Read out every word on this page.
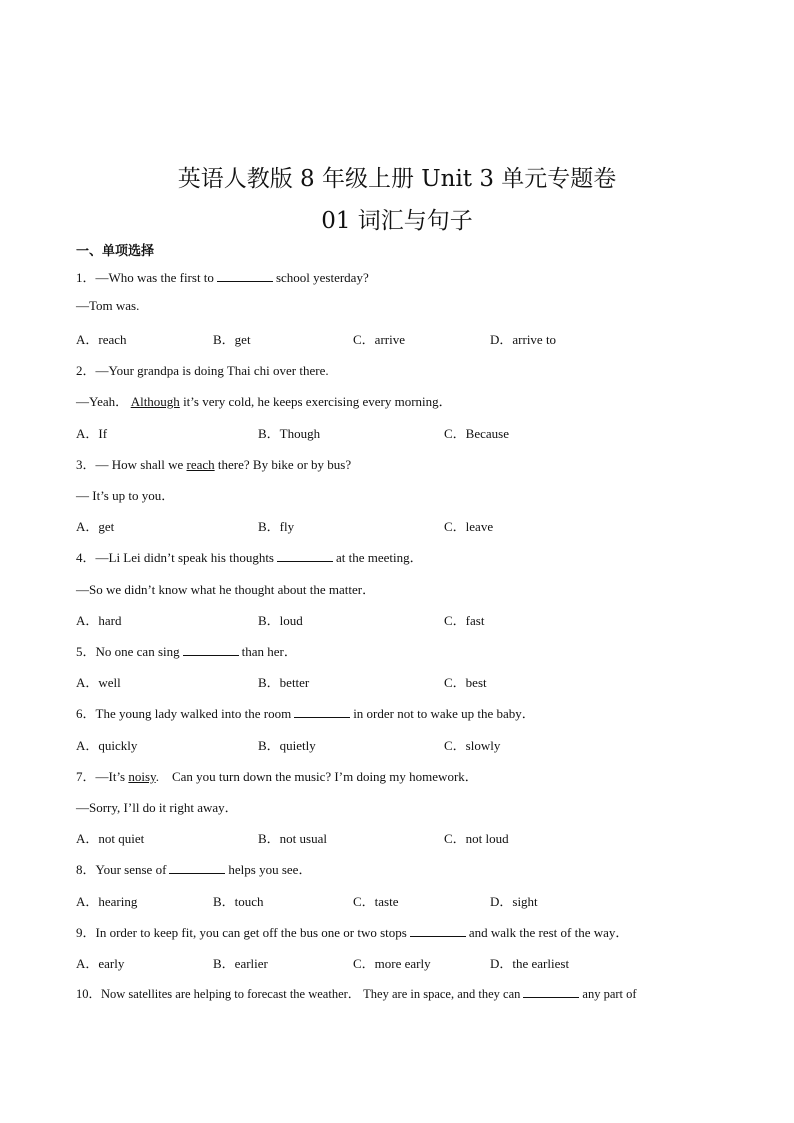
英语人教版 8 年级上册 Unit 3 单元专题卷
01 词汇与句子
一、单项选择
1．—Who was the first to	school yesterday?
—Tom was.
A．reach	B．get	C．arrive	D．arrive to
2．—Your grandpa is doing Thai chi over there.
—Yeah． Although it’s very cold, he keeps exercising every morning．
A．If	B．Though	C．Because
3．— How shall we reach there? By bike or by bus?
— It’s up to you．
A．get	B．fly	C．leave
4．—Li Lei didn’t speak his thoughts	at the meeting．
—So we didn’t know what he thought about the matter．
A．hard	B．loud	C．fast
5．No one can sing	than her．
A．well	B．better	C．best
6．The young lady walked into the room	in order not to wake up the baby．
A．quickly	B．quietly	C．slowly
7．—It’s noisy.    Can you turn down the music? I’m doing my homework．
—Sorry, I’ll do it right away．
A．not quiet	B．not usual	C．not loud
8．Your sense of	helps you see．
A．hearing	B．touch	C．taste	D．sight
9．In order to keep fit, you can get off the bus one or two stops	and walk the rest of the way．
A．early	B．earlier	C．more early	D．the earliest
10．Now satellites are helping to forecast the weather． They are in space, and they can	any part of
